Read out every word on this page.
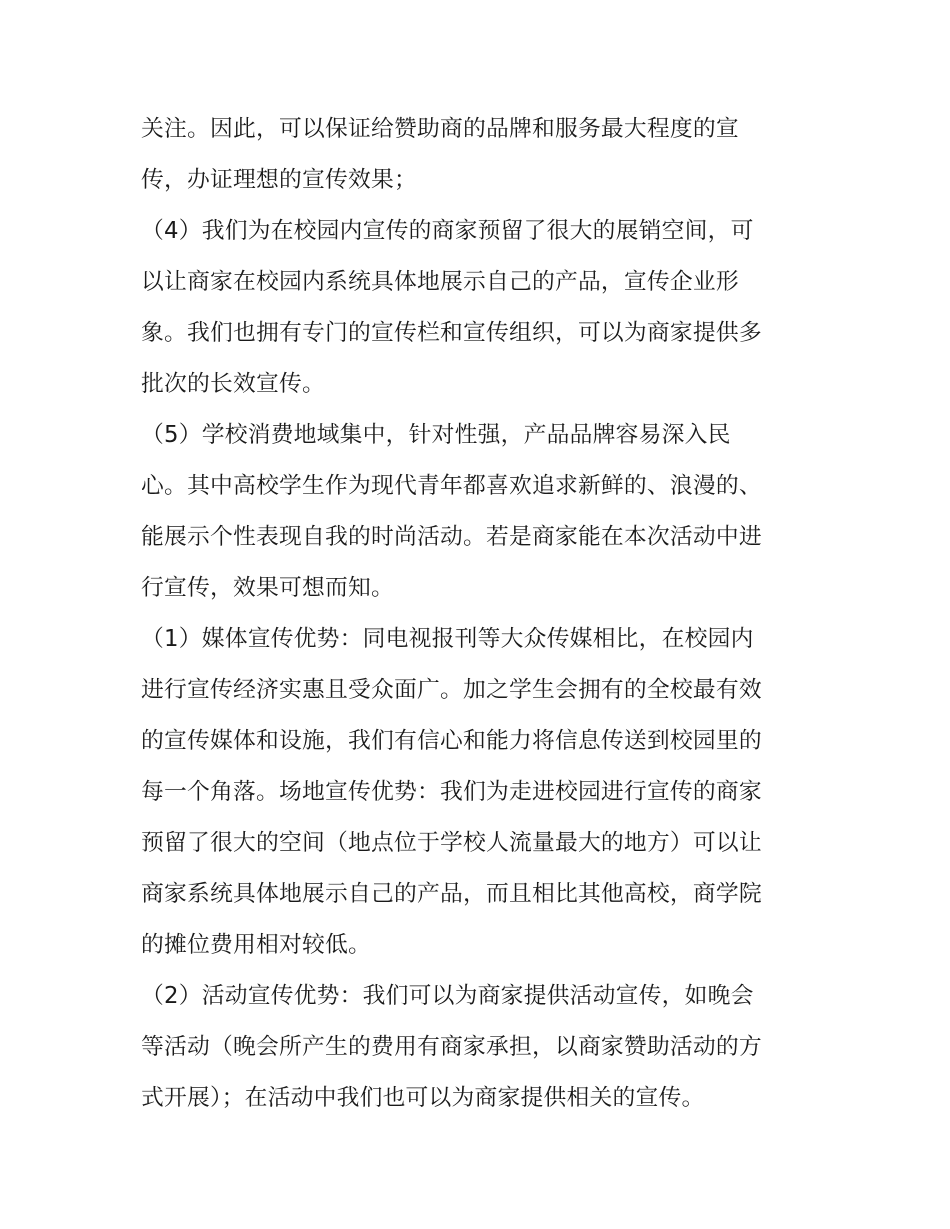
关注。因此，可以保证给赞助商的品牌和服务最大程度的宣
传，办证理想的宣传效果；
（4）我们为在校园内宣传的商家预留了很大的展销空间，可
以让商家在校园内系统具体地展示自己的产品，宣传企业形
象。我们也拥有专门的宣传栏和宣传组织，可以为商家提供多
批次的长效宣传。
（5）学校消费地域集中，针对性强，产品品牌容易深入民
心。其中高校学生作为现代青年都喜欢追求新鲜的、浪漫的、
能展示个性表现自我的时尚活动。若是商家能在本次活动中进
行宣传，效果可想而知。
（1）媒体宣传优势：同电视报刊等大众传媒相比，在校园内
进行宣传经济实惠且受众面广。加之学生会拥有的全校最有效
的宣传媒体和设施，我们有信心和能力将信息传送到校园里的
每一个角落。场地宣传优势：我们为走进校园进行宣传的商家
预留了很大的空间（地点位于学校人流量最大的地方）可以让
商家系统具体地展示自己的产品，而且相比其他高校，商学院
的摊位费用相对较低。
（2）活动宣传优势：我们可以为商家提供活动宣传，如晚会
等活动（晚会所产生的费用有商家承担，以商家赞助活动的方
式开展）；在活动中我们也可以为商家提供相关的宣传。
